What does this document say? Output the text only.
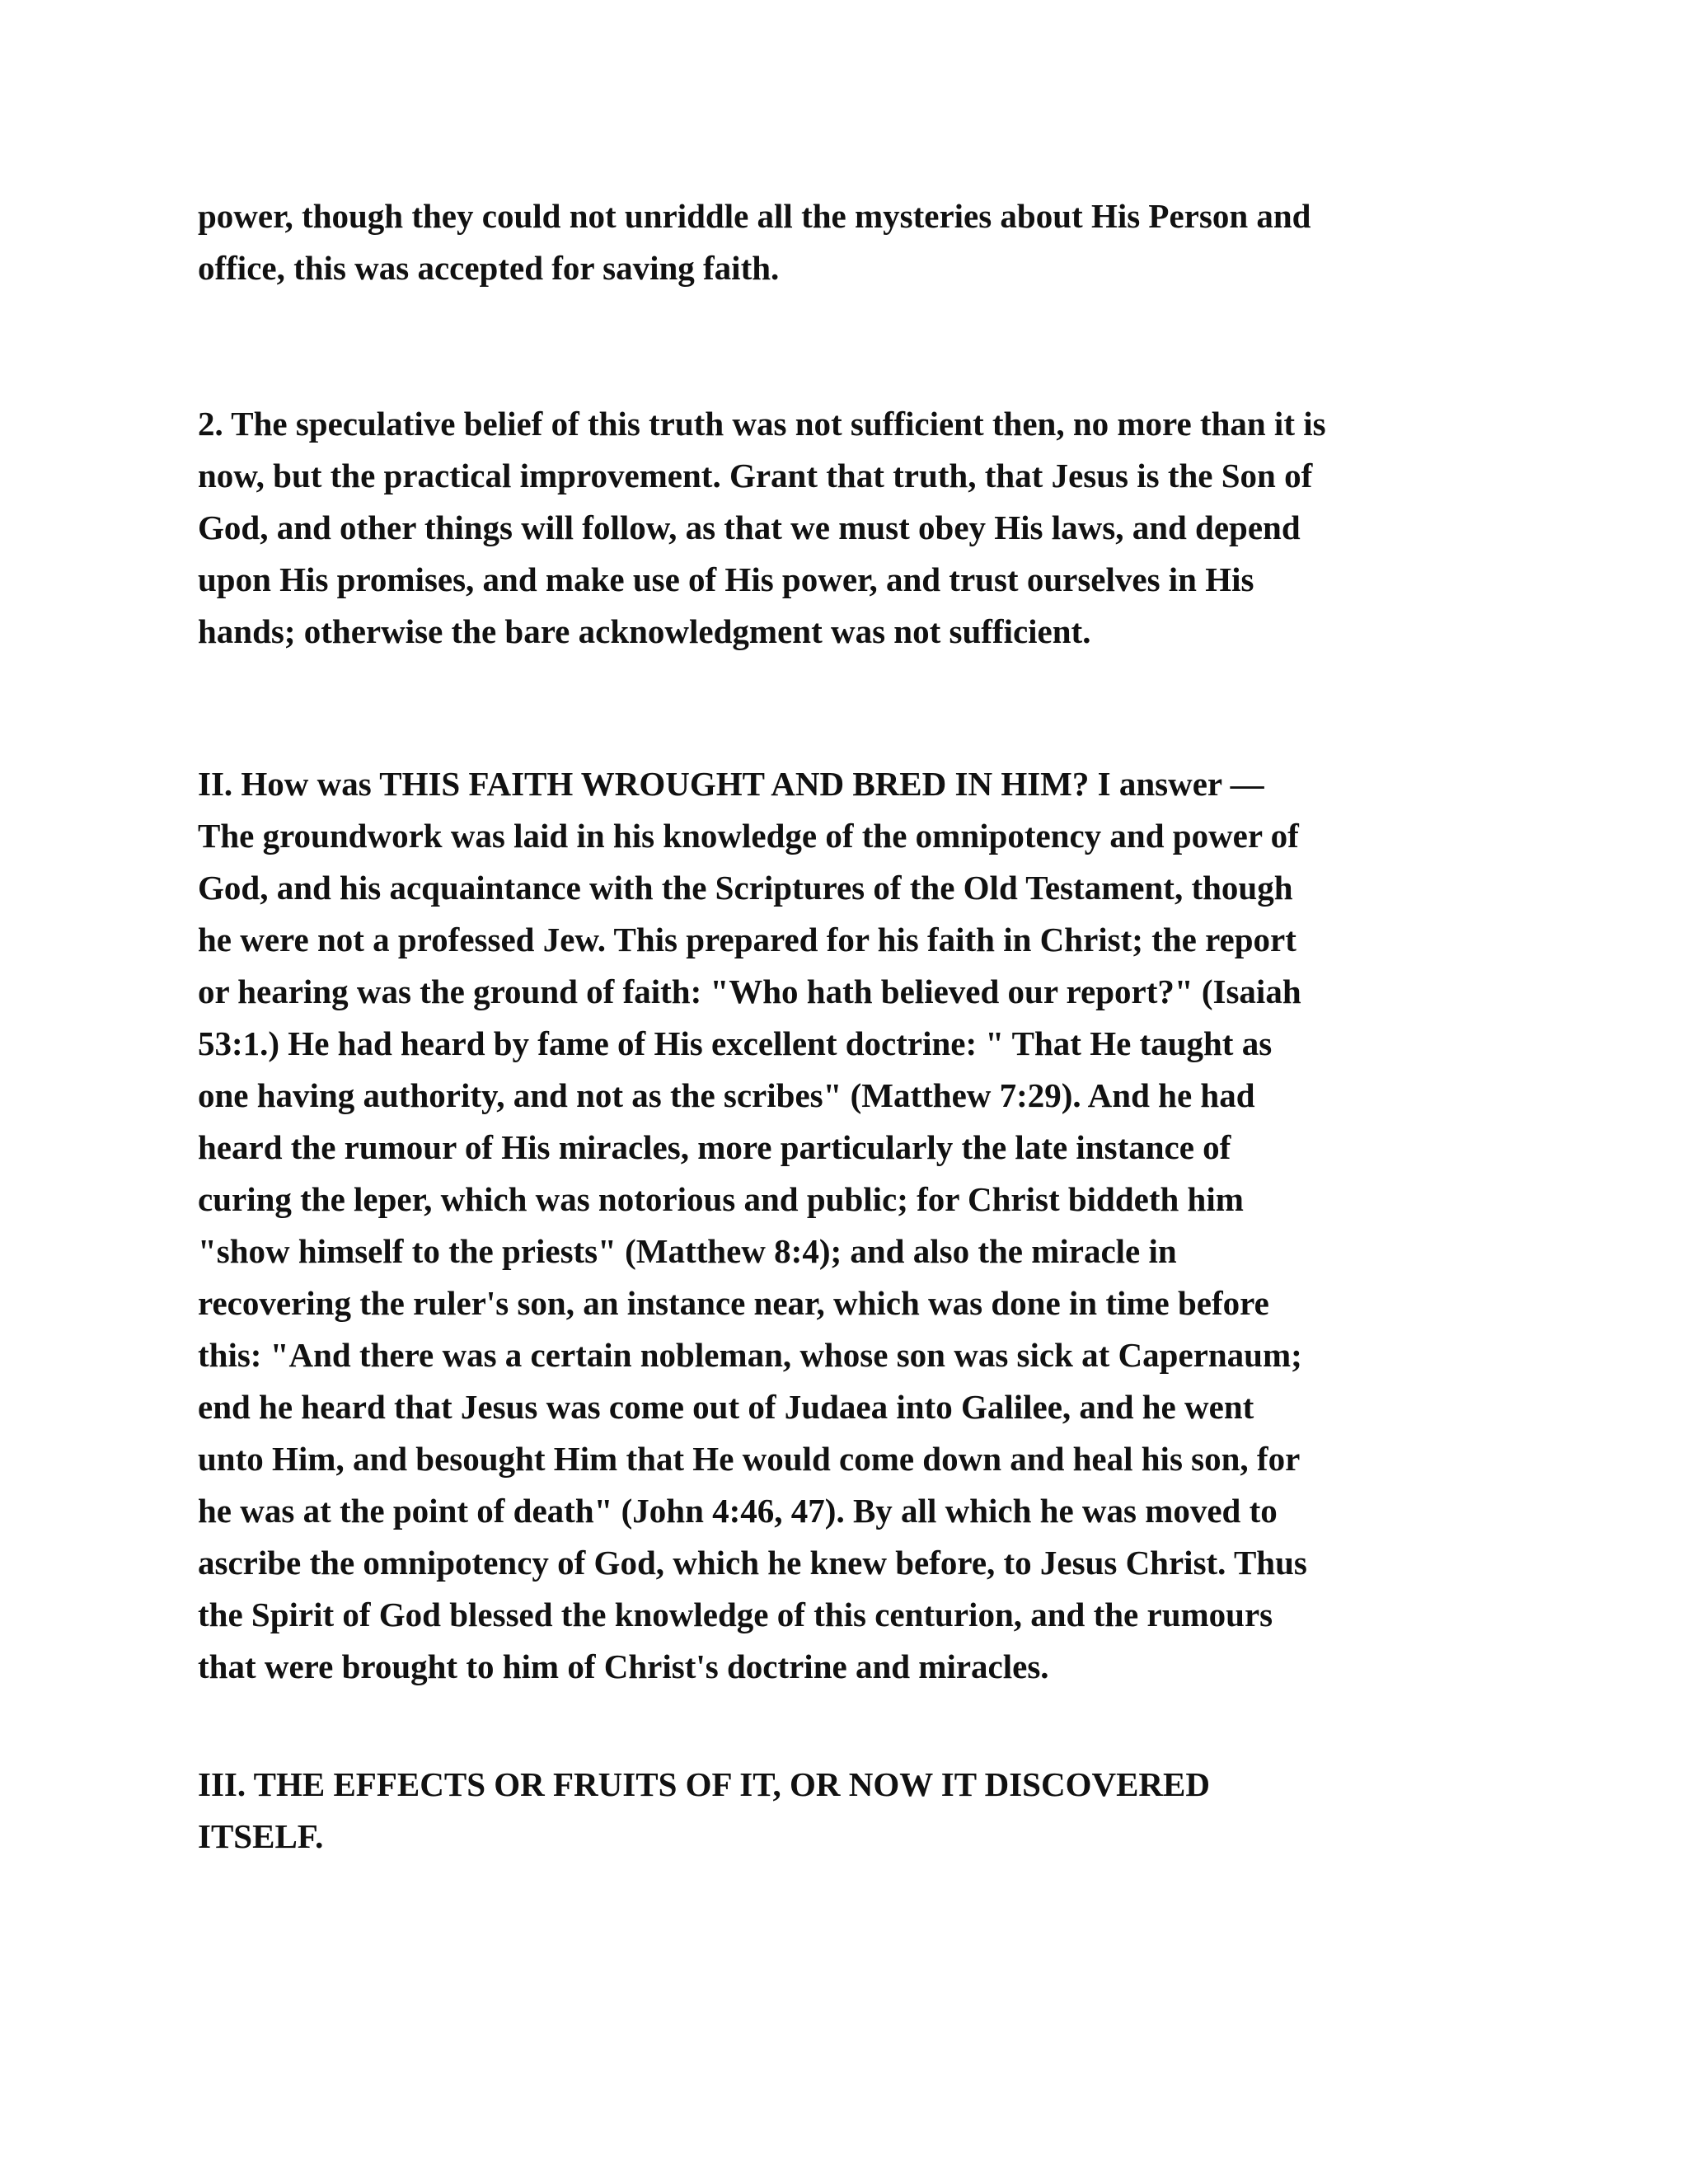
power, though they could not unriddle all the mysteries about His Person and
office, this was accepted for saving faith.

2. The speculative belief of this truth was not sufficient then, no more than it is
now, but the practical improvement. Grant that truth, that Jesus is the Son of
God, and other things will follow, as that we must obey His laws, and depend
upon His promises, and make use of His power, and trust ourselves in His
hands; otherwise the bare acknowledgment was not sufficient.

II. How was THIS FAITH WROUGHT AND BRED IN HIM? I answer —
The groundwork was laid in his knowledge of the omnipotency and power of
God, and his acquaintance with the Scriptures of the Old Testament, though
he were not a professed Jew. This prepared for his faith in Christ; the report
or hearing was the ground of faith: "Who hath believed our report?" (Isaiah
53:1.) He had heard by fame of His excellent doctrine: " That He taught as
one having authority, and not as the scribes" (Matthew 7:29). And he had
heard the rumour of His miracles, more particularly the late instance of
curing the leper, which was notorious and public; for Christ biddeth him
"show himself to the priests" (Matthew 8:4); and also the miracle in
recovering the ruler's son, an instance near, which was done in time before
this: "And there was a certain nobleman, whose son was sick at Capernaum;
end he heard that Jesus was come out of Judaea into Galilee, and he went
unto Him, and besought Him that He would come down and heal his son, for
he was at the point of death" (John 4:46, 47). By all which he was moved to
ascribe the omnipotency of God, which he knew before, to Jesus Christ. Thus
the Spirit of God blessed the knowledge of this centurion, and the rumours
that were brought to him of Christ's doctrine and miracles.

III. THE EFFECTS OR FRUITS OF IT, OR NOW IT DISCOVERED
ITSELF.
